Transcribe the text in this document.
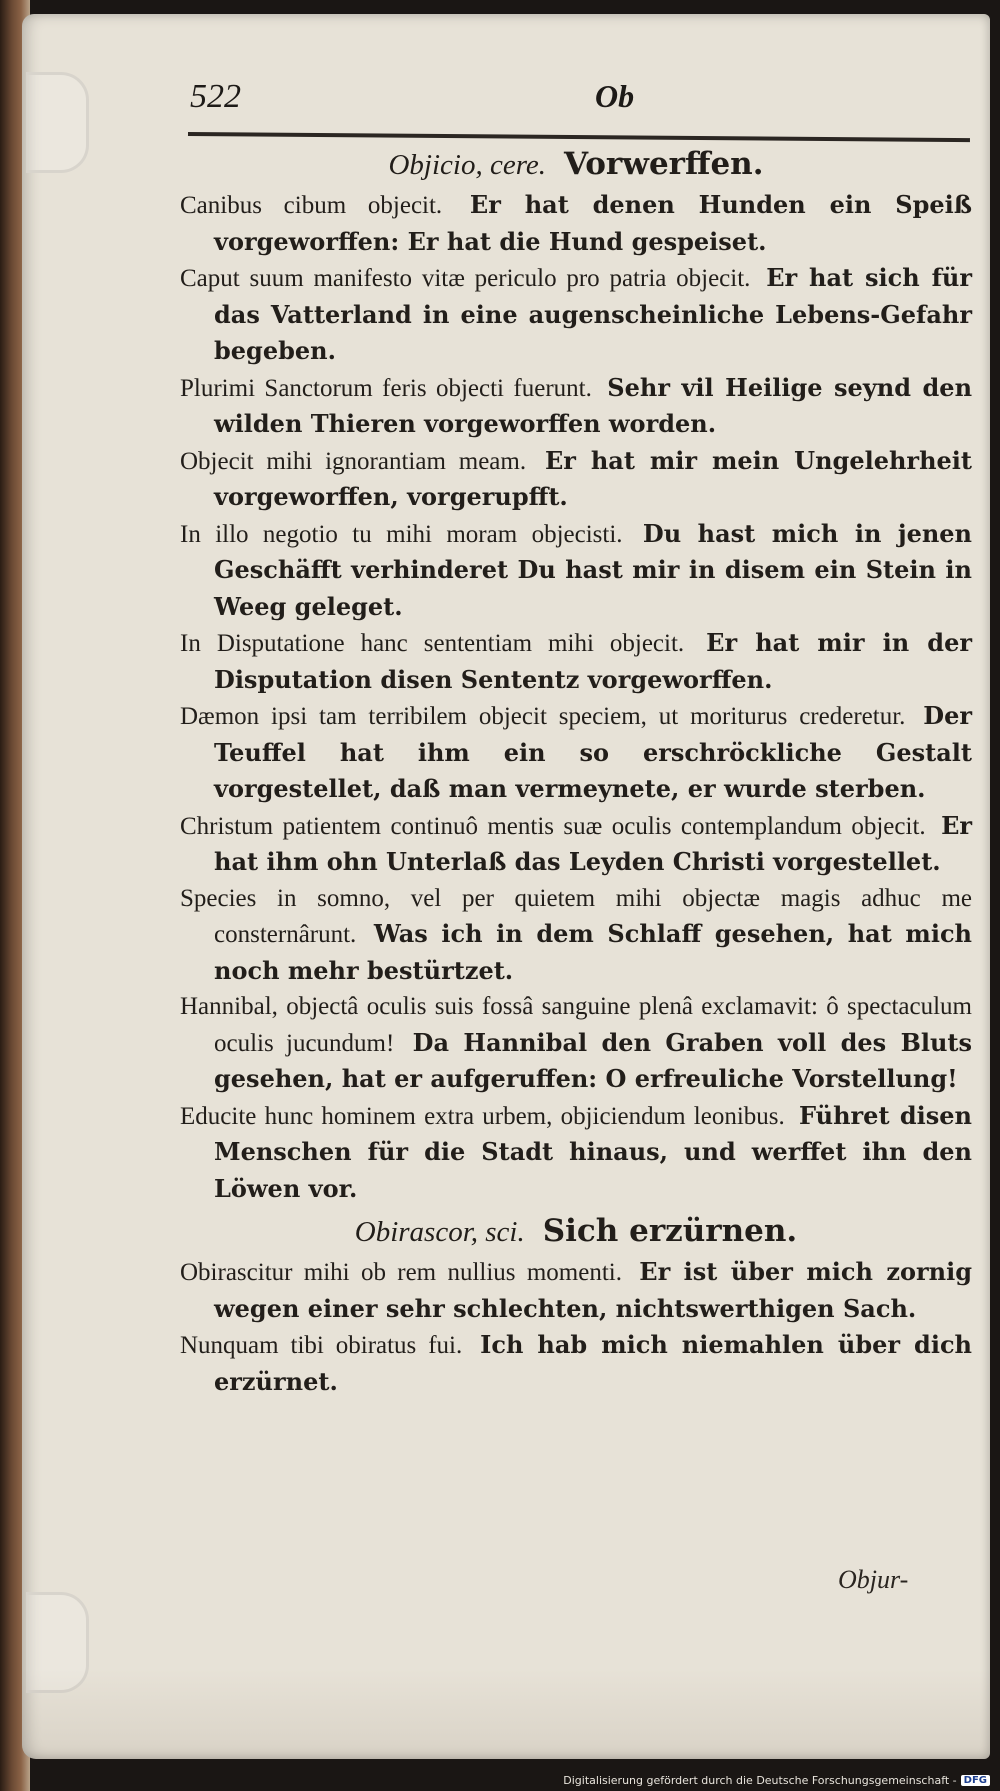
522	Ob
Objicio, cere. Vorwerffen.

Canibus cibum objecit. Er hat denen Hunden ein Speiß vorgeworffen: Er hat die Hund gespeiset.

Caput suum manifesto vitæ periculo pro patria objecit. Er hat sich für das Vatterland in eine augenscheinliche Lebens-Gefahr begeben.

Plurimi Sanctorum feris objecti fuerunt. Sehr vil Heilige seynd den wilden Thieren vorgeworffen worden.

Objecit mihi ignorantiam meam. Er hat mir mein Ungelehrheit vorgeworffen, vorgerupfft.

In illo negotio tu mihi moram objecisti. Du hast mich in jenen Geschäfft verhinderet Du hast mir in disem ein Stein in Weeg geleget.

In Disputatione hanc sententiam mihi objecit. Er hat mir in der Disputation disen Sententz vorgeworffen.

Dæmon ipsi tam terribilem objecit speciem, ut moriturus crederetur. Der Teuffel hat ihm ein so erschröckliche Gestalt vorgestellet, daß man vermeynete, er wurde sterben.

Christum patientem continuô mentis suæ oculis contemplandum objecit. Er hat ihm ohn Unterlaß das Leyden Christi vorgestellet.

Species in somno, vel per quietem mihi objectæ magis adhuc me consternârunt. Was ich in dem Schlaff gesehen, hat mich noch mehr bestürtzet.

Hannibal, objectâ oculis suis fossâ sanguine plenâ exclamavit: ô spectaculum oculis jucundum! Da Hannibal den Graben voll des Bluts gesehen, hat er aufgeruffen: O erfreuliche Vorstellung!

Educite hunc hominem extra urbem, objiciendum leonibus. Führet disen Menschen für die Stadt hinaus, und werffet ihn den Löwen vor.

Obirascor, sci. Sich erzürnen.

Obirascitur mihi ob rem nullius momenti. Er ist über mich zornig wegen einer sehr schlechten, nichtswerthigen Sach.

Nunquam tibi obiratus fui. Ich hab mich niemahlen über dich erzürnet.

Objur-
Digitalisierung gefördert durch die Deutsche Forschungsgemeinschaft - DFG
